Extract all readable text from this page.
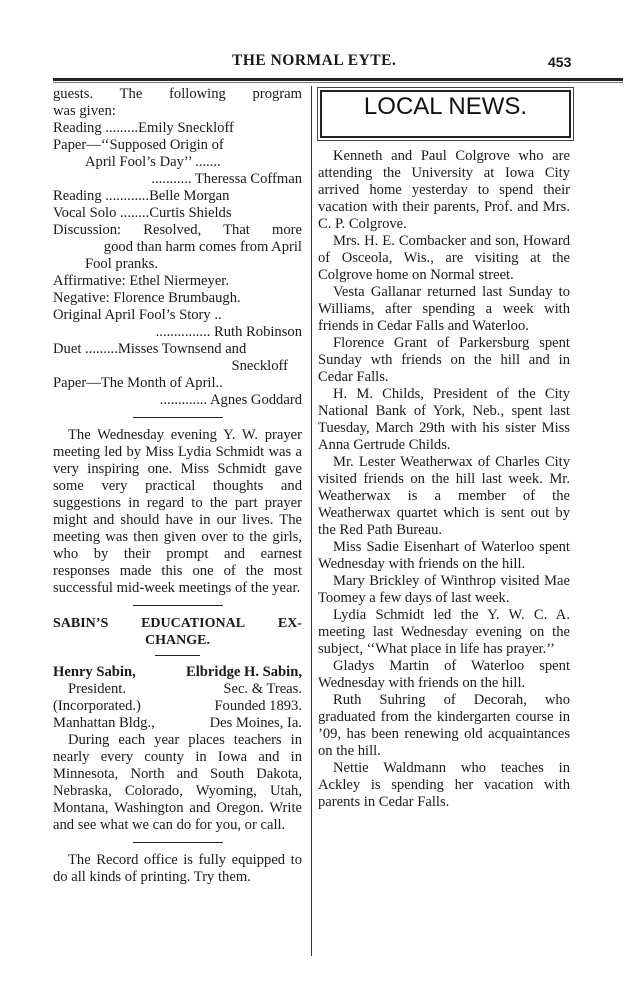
THE NORMAL EYTE.	453
guests. The following program
was given:
Reading .........Emily Sneckloff
Paper—‘‘Supposed Origin of
April Fool’s Day’’ .......
........... Theressa Coffman
Reading ............Belle Morgan
Vocal Solo ........Curtis Shields
Discussion: Resolved, That more
good than harm comes from April
Fool pranks.
Affirmative: Ethel Niermeyer.
Negative: Florence Brumbaugh.
Original April Fool’s Story ..
............... Ruth Robinson
Duet .........Misses Townsend and
Sneckloff
Paper—The Month of April..
............. Agnes Goddard

The Wednesday evening Y. W. prayer meeting led by Miss Lydia Schmidt was a very inspiring one. Miss Schmidt gave some very practical thoughts and suggestions in regard to the part prayer might and should have in our lives. The meeting was then given over to the girls, who by their prompt and earnest responses made this one of the most successful mid-week meetings of the year.

SABIN’S EDUCATIONAL EX-
CHANGE.
Henry Sabin,	Elbridge H. Sabin,
President.	Sec. & Treas.
(Incorporated.)	Founded 1893.
Manhattan Bldg.,	Des Moines, Ia.

During each year places teachers in nearly every county in Iowa and in Minnesota, North and South Dakota, Nebraska, Colorado, Wyoming, Utah, Montana, Washington and Oregon. Write and see what we can do for you, or call.

The Record office is fully equipped to do all kinds of printing. Try them.

LOCAL NEWS.

Kenneth and Paul Colgrove who are attending the University at Iowa City arrived home yesterday to spend their vacation with their parents, Prof. and Mrs. C. P. Colgrove.

Mrs. H. E. Combacker and son, Howard of Osceola, Wis., are visiting at the Colgrove home on Normal street.

Vesta Gallanar returned last Sunday to Williams, after spending a week with friends in Cedar Falls and Waterloo.

Florence Grant of Parkersburg spent Sunday wth friends on the hill and in Cedar Falls.

H. M. Childs, President of the City National Bank of York, Neb., spent last Tuesday, March 29th with his sister Miss Anna Gertrude Childs.

Mr. Lester Weatherwax of Charles City visited friends on the hill last week. Mr. Weatherwax is a member of the Weatherwax quartet which is sent out by the Red Path Bureau.

Miss Sadie Eisenhart of Waterloo spent Wednesday with friends on the hill.

Mary Brickley of Winthrop visited Mae Toomey a few days of last week.

Lydia Schmidt led the Y. W. C. A. meeting last Wednesday evening on the subject, ‘‘What place in life has prayer.’’

Gladys Martin of Waterloo spent Wednesday with friends on the hill.

Ruth Suhring of Decorah, who graduated from the kindergarten course in ’09, has been renewing old acquaintances on the hill.

Nettie Waldmann who teaches in Ackley is spending her vacation with parents in Cedar Falls.
